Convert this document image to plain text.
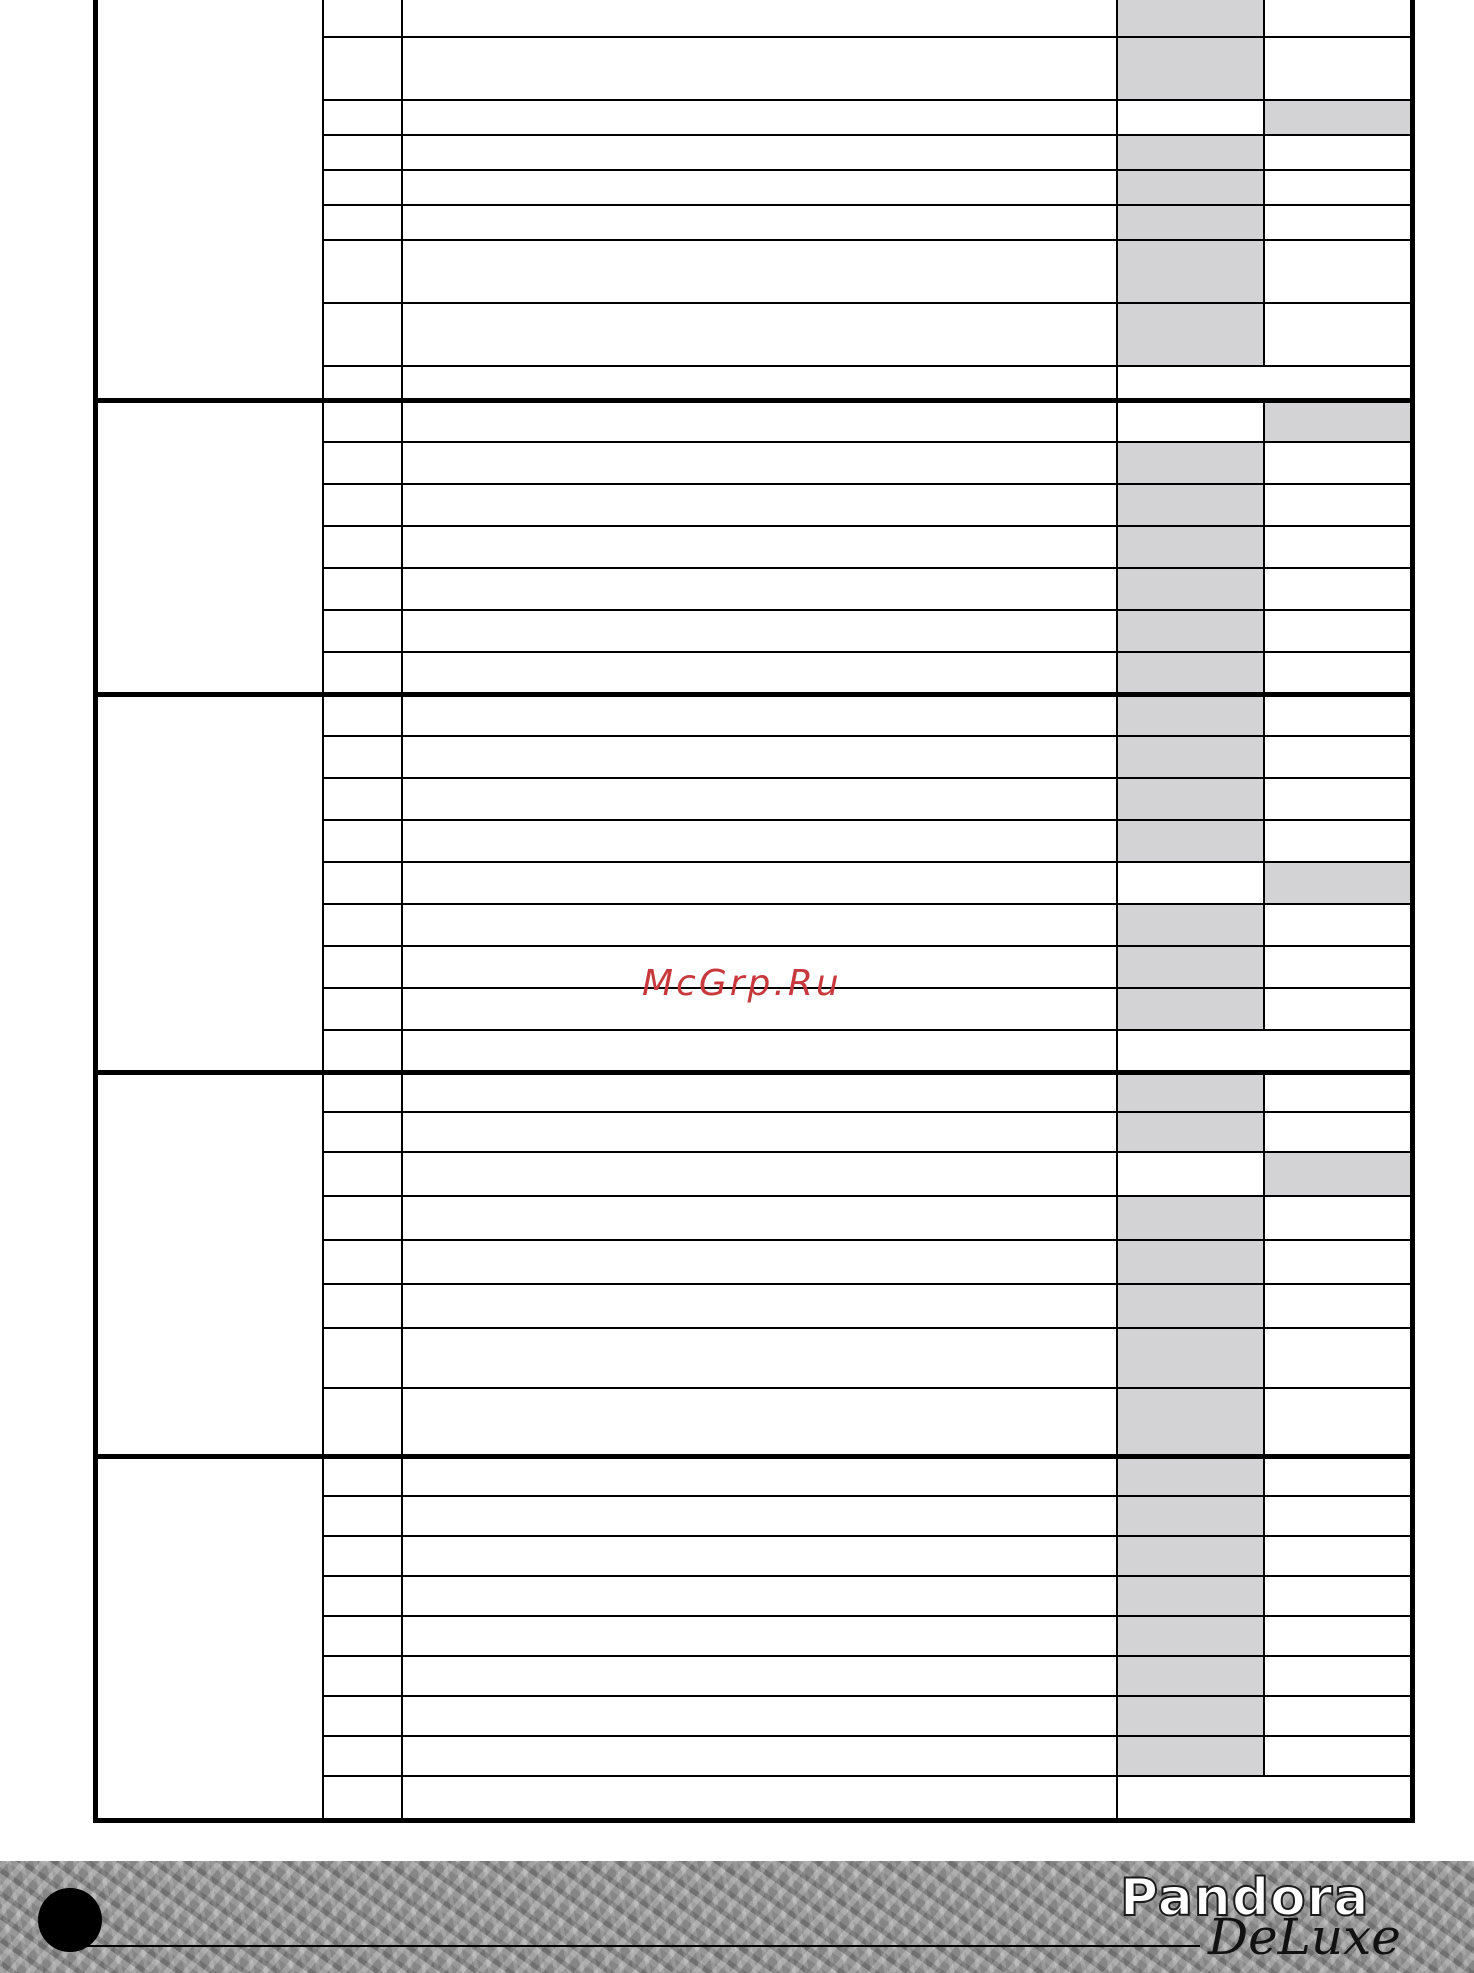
McGrp.Ru
Pandora
DeLuxe
